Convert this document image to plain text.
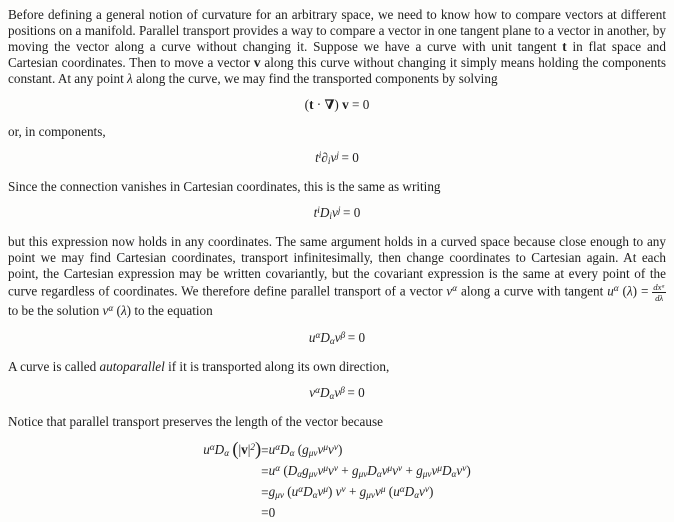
Before defining a general notion of curvature for an arbitrary space, we need to know how to compare vectors at different positions on a manifold. Parallel transport provides a way to compare a vector in one tangent plane to a vector in another, by moving the vector along a curve without changing it. Suppose we have a curve with unit tangent t in flat space and Cartesian coordinates. Then to move a vector v along this curve without changing it simply means holding the components constant. At any point λ along the curve, we may find the transported components by solving

(t · ∇) v = 0

or, in components,

$t^i\partial iv^j = 0$

Since the connection vanishes in Cartesian coordinates, this is the same as writing

$t^iDiv^j = 0$

but this expression now holds in any coordinates. The same argument holds in a curved space because close enough to any point we may find Cartesian coordinates, transport infinitesimally, then change coordinates to Cartesian again. At each point, the Cartesian expression may be written covariantly, but the covariant expression is the same at every point of the curve regardless of coordinates. We therefore define parallel transport of a vector $v^\alpha$ along a curve with tangent $u^\alpha$ $(\lambda) = \frac{\text{dxᵅ}}{d\lambda}$
to be the solution $v^\alpha$ (λ) to the equation

$u^\alpha D\alpha v^\beta = 0$

A curve is called autoparallel if it is transported along its own direction,

$v^\alpha D\alpha v^\beta = 0$

Notice that parallel transport preserves the length of the vector because

$u^\alpha D\alpha$ $(|v|^2)$	=	$u^\alpha D\alpha$ $(g\mu\nu v^\mu v^\nu)$
	=	$u^\alpha$ $(D\alpha g\mu\nu v^\mu v^\nu + g\mu\nu D\alpha v^\mu v^\nu + g\mu\nu v^\mu D\alpha v^\nu)$
	=	gμν $(u^\alpha D\alpha v^\mu) v^\nu + g\mu\nu v^\mu$ $(u^\alpha D\alpha v^\nu)$
	=	0
